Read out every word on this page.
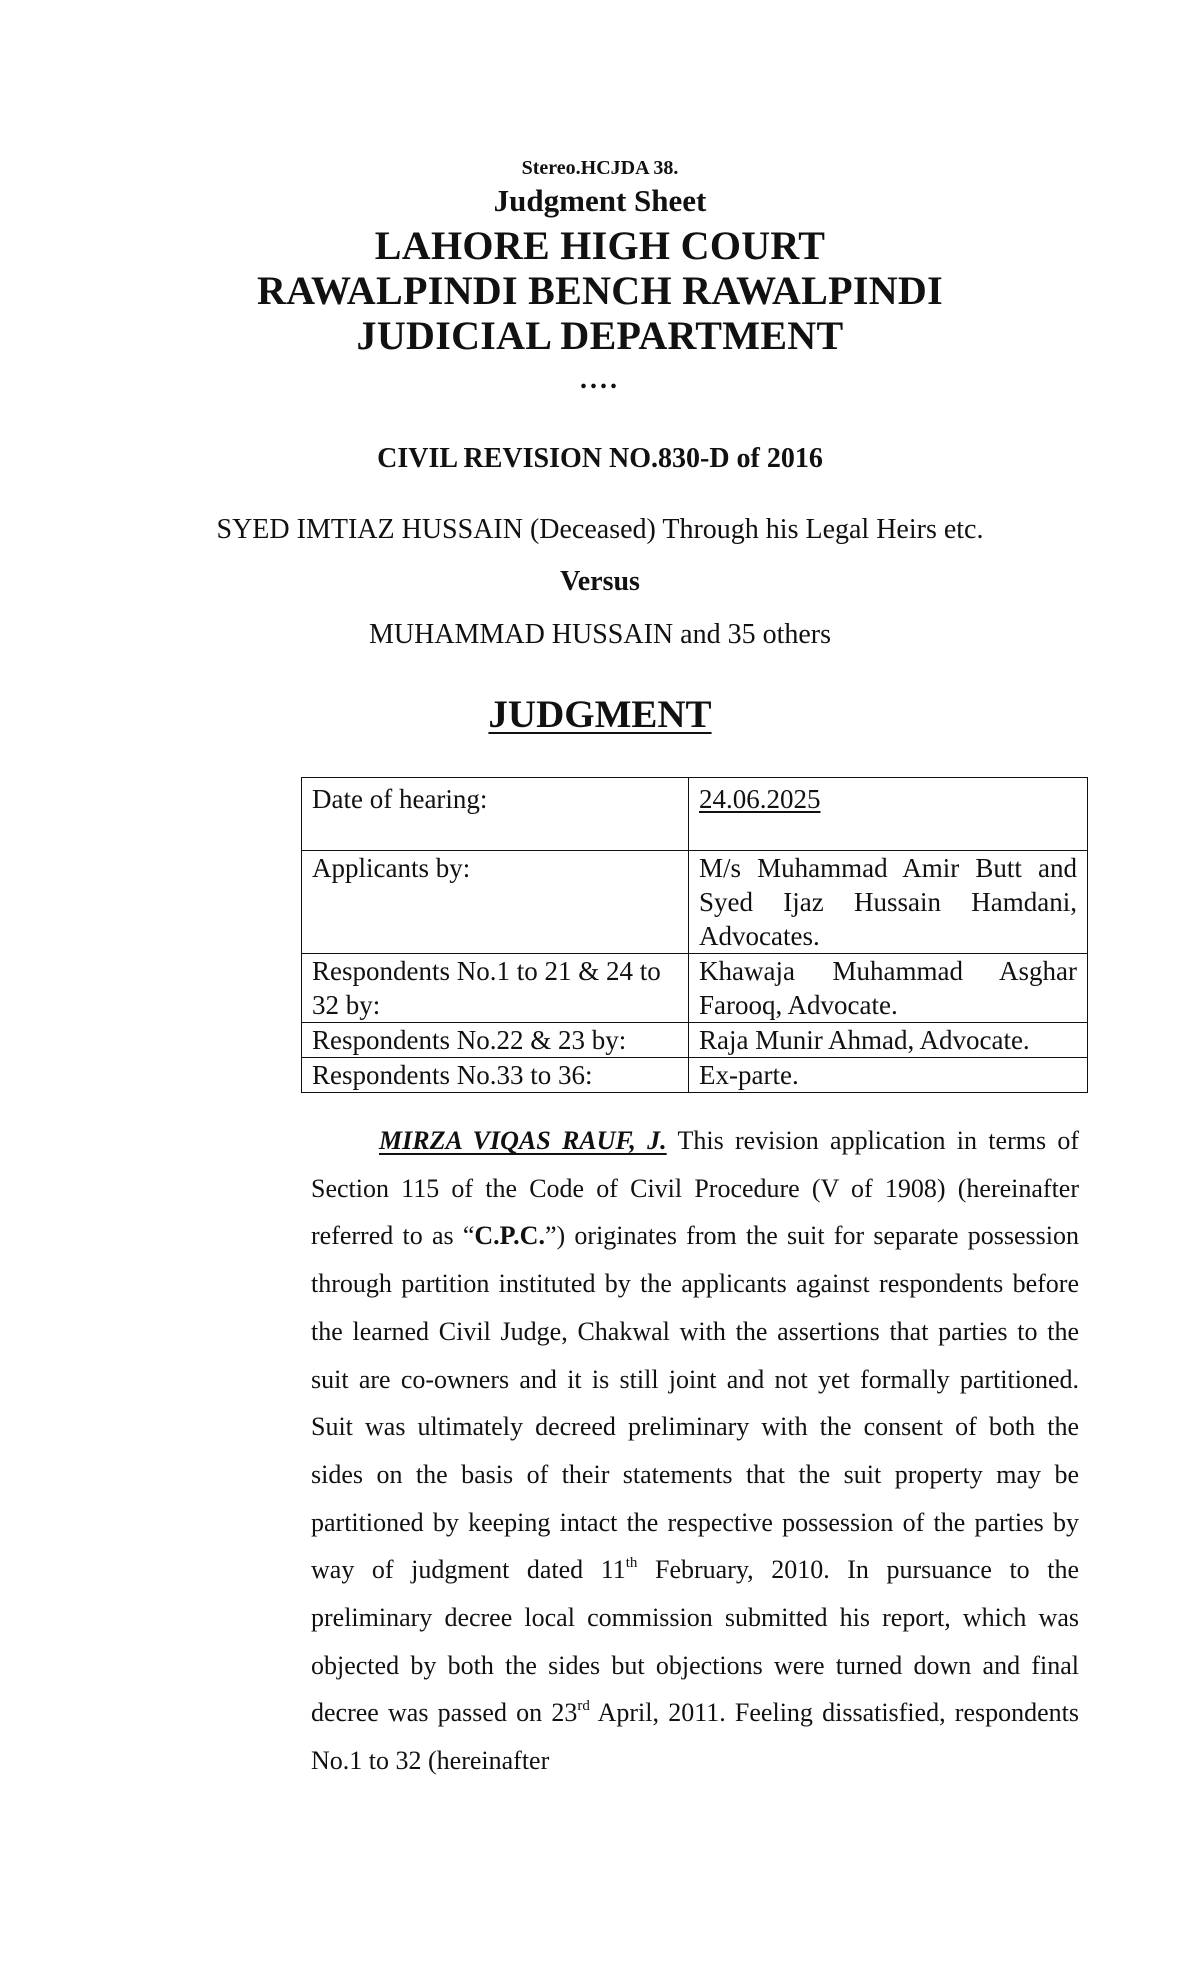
Stereo.HCJDA 38.
Judgment Sheet
LAHORE HIGH COURT
RAWALPINDI BENCH RAWALPINDI
JUDICIAL DEPARTMENT
....
CIVIL REVISION NO.830-D of 2016
SYED IMTIAZ HUSSAIN (Deceased) Through his Legal Heirs etc.
Versus
MUHAMMAD HUSSAIN and 35 others
JUDGMENT
Date of hearing:	24.06.2025
Applicants by:	M/s Muhammad Amir Butt and Syed Ijaz Hussain Hamdani, Advocates.
Respondents No.1 to 21 & 24 to 32 by:	Khawaja Muhammad Asghar Farooq, Advocate.
Respondents No.22 & 23 by:	Raja Munir Ahmad, Advocate.
Respondents No.33 to 36:	Ex-parte.
MIRZA VIQAS RAUF, J. This revision application in terms of Section 115 of the Code of Civil Procedure (V of 1908) (hereinafter referred to as “C.P.C.”) originates from the suit for separate possession through partition instituted by the applicants against respondents before the learned Civil Judge, Chakwal with the assertions that parties to the suit are co-owners and it is still joint and not yet formally partitioned. Suit was ultimately decreed preliminary with the consent of both the sides on the basis of their statements that the suit property may be partitioned by keeping intact the respective possession of the parties by way of judgment dated 11th February, 2010. In pursuance to the preliminary decree local commission submitted his report, which was objected by both the sides but objections were turned down and final decree was passed on 23rd April, 2011. Feeling dissatisfied, respondents No.1 to 32 (hereinafter
